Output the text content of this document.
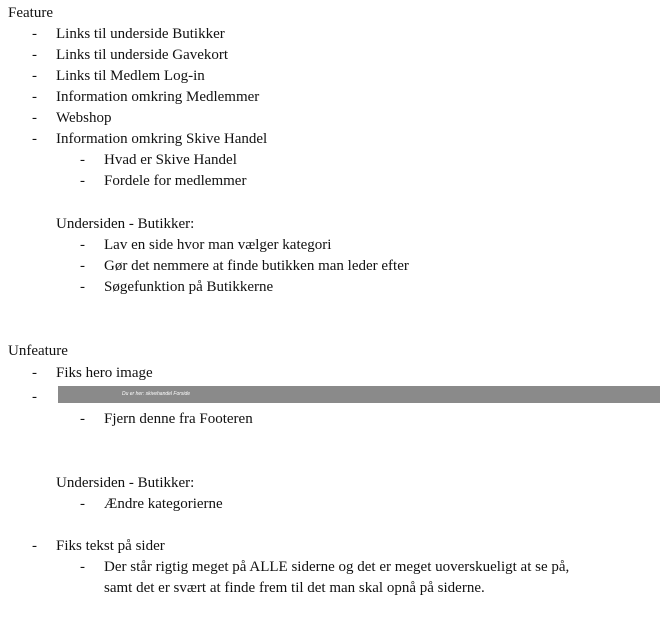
Feature
- Links til underside Butikker
- Links til underside Gavekort
- Links til Medlem Log-in
- Information omkring Medlemmer
- Webshop
- Information omkring Skive Handel
- Hvad er Skive Handel
- Fordele for medlemmer
Undersiden - Butikker:
- Lav en side hvor man vælger kategori
- Gør det nemmere at finde butikken man leder efter
- Søgefunktion på Butikkerne
Unfeature
- Fiks hero image
-	Du er her: skivehandel Forside
- Fjern denne fra Footeren
Undersiden - Butikker:
- Ændre kategorierne
- Fiks tekst på sider
- Der står rigtig meget på ALLE siderne og det er meget uoverskueligt at se på,
samt det er svært at finde frem til det man skal opnå på siderne.
